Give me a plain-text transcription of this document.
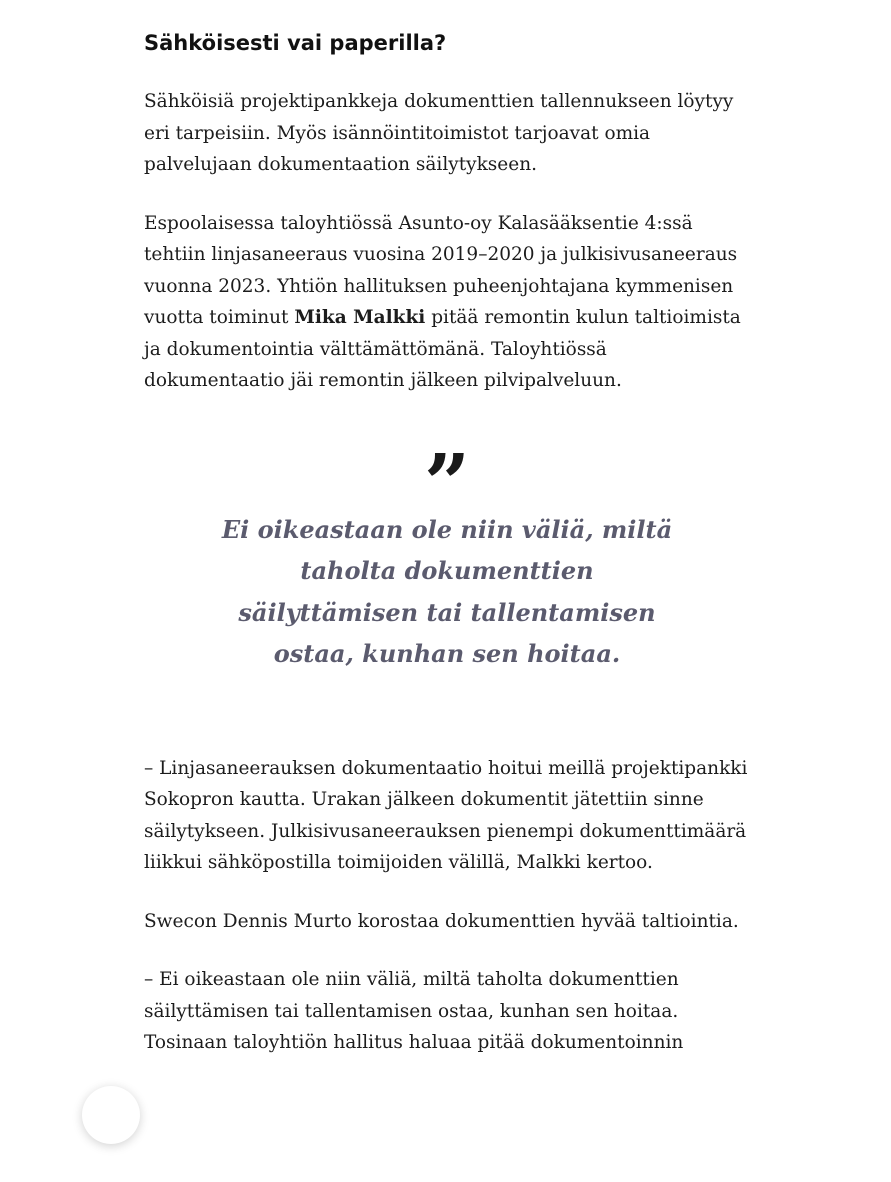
Sähköisesti vai paperilla?

Sähköisiä projektipankkeja dokumenttien tallennukseen löytyy eri tarpeisiin. Myös isännöintitoimistot tarjoavat omia palvelujaan dokumentaation säilytykseen.

Espoolaisessa taloyhtiössä Asunto-oy Kalasääksentie 4:ssä tehtiin linjasaneeraus vuosina 2019–2020 ja julkisivusaneeraus vuonna 2023. Yhtiön hallituksen puheenjohtajana kymmenisen vuotta toiminut Mika Malkki pitää remontin kulun taltioimista ja dokumentointia välttämättömänä. Taloyhtiössä dokumentaatio jäi remontin jälkeen pilvipalveluun.

”
Ei oikeastaan ole niin väliä, miltä taholta dokumenttien säilyttämisen tai tallentamisen ostaa, kunhan sen hoitaa.

– Linjasaneerauksen dokumentaatio hoitui meillä projektipankki Sokopron kautta. Urakan jälkeen dokumentit jätettiin sinne säilytykseen. Julkisivusaneerauksen pienempi dokumenttimäärä liikkui sähköpostilla toimijoiden välillä, Malkki kertoo.

Swecon Dennis Murto korostaa dokumenttien hyvää taltiointia.

– Ei oikeastaan ole niin väliä, miltä taholta dokumenttien säilyttämisen tai tallentamisen ostaa, kunhan sen hoitaa. Tosinaan taloyhtiön hallitus haluaa pitää dokumentoinnin
